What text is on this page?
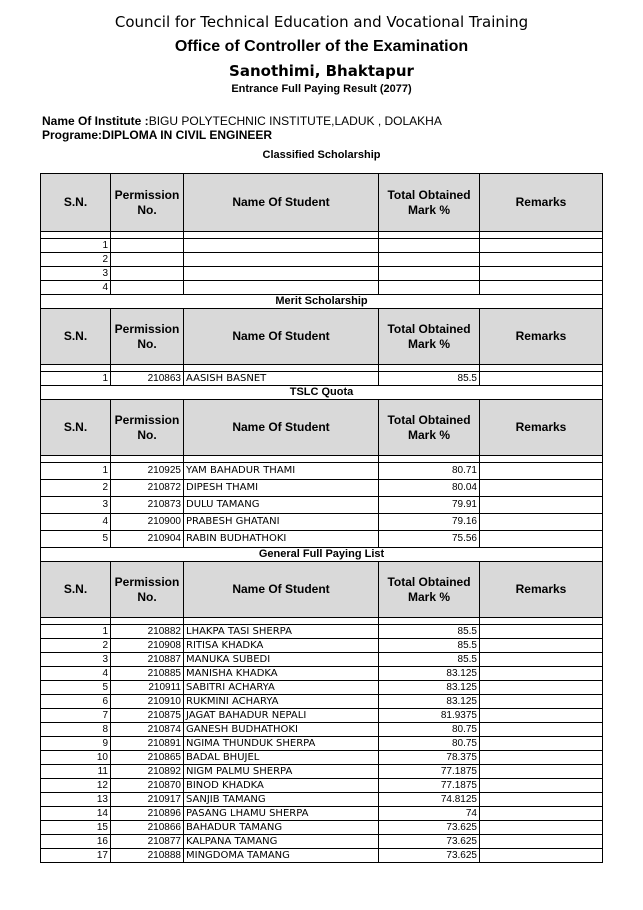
Council for Technical Education and Vocational Training
Office of Controller of the Examination
Sanothimi, Bhaktapur
Entrance Full Paying Result (2077)
Name Of Institute :BIGU POLYTECHNIC INSTITUTE,LADUK , DOLAKHA
Programe:DIPLOMA IN CIVIL ENGINEER
Classified Scholarship
S.N.	Permission No.	Name Of Student	Total Obtained Mark %	Remarks

1				
2				
3				
4				
Merit Scholarship				
S.N.	Permission No.	Name Of Student	Total Obtained Mark %	Remarks

1	210863	AASISH BASNET	85.5	
TSLC Quota				
S.N.	Permission No.	Name Of Student	Total Obtained Mark %	Remarks

1	210925	YAM BAHADUR THAMI	80.71	
2	210872	DIPESH THAMI	80.04	
3	210873	DULU TAMANG	79.91	
4	210900	PRABESH GHATANI	79.16	
5	210904	RABIN BUDHATHOKI	75.56	
General Full Paying List				
S.N.	Permission No.	Name Of Student	Total Obtained Mark %	Remarks

1	210882	LHAKPA TASI SHERPA	85.5	
2	210908	RITISA KHADKA	85.5	
3	210887	MANUKA SUBEDI	85.5	
4	210885	MANISHA KHADKA	83.125	
5	210911	SABITRI ACHARYA	83.125	
6	210910	RUKMINI ACHARYA	83.125	
7	210875	JAGAT BAHADUR NEPALI	81.9375	
8	210874	GANESH BUDHATHOKI	80.75	
9	210891	NGIMA THUNDUK SHERPA	80.75	
10	210865	BADAL BHUJEL	78.375	
11	210892	NIGM PALMU SHERPA	77.1875	
12	210870	BINOD KHADKA	77.1875	
13	210917	SANJIB TAMANG	74.8125	
14	210896	PASANG LHAMU SHERPA	74	
15	210866	BAHADUR TAMANG	73.625	
16	210877	KALPANA TAMANG	73.625	
17	210888	MINGDOMA TAMANG	73.625	
